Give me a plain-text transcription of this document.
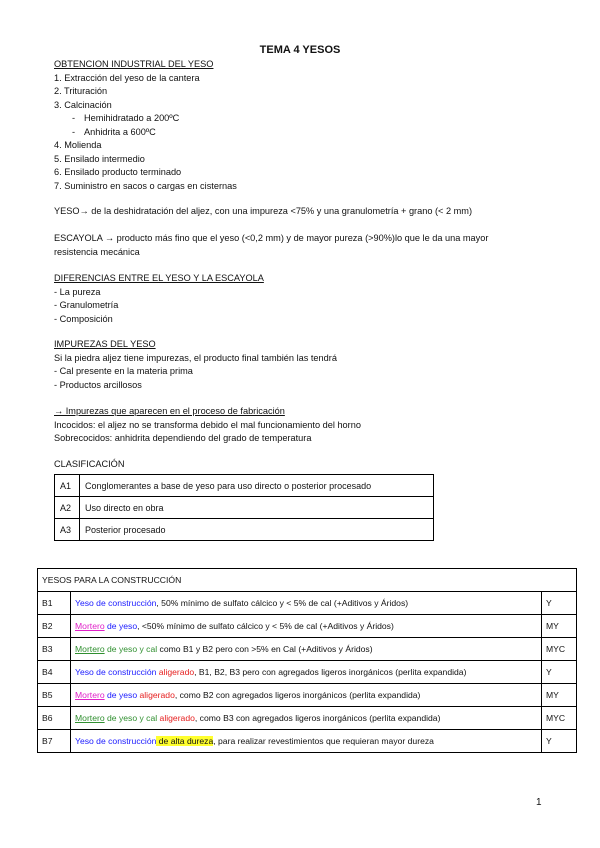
TEMA 4 YESOS
OBTENCION INDUSTRIAL DEL YESO
1. Extracción del yeso de la cantera
2. Trituración
3. Calcinación
- Hemihidratado a 200ºC
- Anhidrita a 600ºC
4. Molienda
5. Ensilado intermedio
6. Ensilado producto terminado
7. Suministro en sacos o cargas en cisternas
YESO→ de la deshidratación del aljez, con una impureza <75% y una granulometría + grano (< 2 mm)
ESCAYOLA → producto más fino que el yeso (<0,2 mm) y de mayor pureza (>90%)lo que le da una mayor
resistencia mecánica
DIFERENCIAS ENTRE EL YESO Y LA ESCAYOLA
- La pureza
- Granulometría
- Composición
IMPUREZAS DEL YESO
Si la piedra aljez tiene impurezas, el producto final también las tendrá
- Cal presente en la materia prima
- Productos arcillosos
→ Impurezas que aparecen en el proceso de fabricación
Incocidos: el aljez no se transforma debido el mal funcionamiento del horno
Sobrecocidos: anhidrita dependiendo del grado de temperatura
CLASIFICACIÓN
A1	Conglomerantes a base de yeso para uso directo o posterior procesado
A2	Uso directo en obra
A3	Posterior procesado
YESOS PARA LA CONSTRUCCIÓN		
B1	Yeso de construcción, 50% mínimo de sulfato cálcico y < 5% de cal (+Aditivos y Áridos)	Y
B2	Mortero de yeso, <50% mínimo de sulfato cálcico y < 5% de cal (+Aditivos y Áridos)	MY
B3	Mortero de yeso y cal como B1 y B2 pero con >5% en Cal (+Aditivos y Áridos)	MYC
B4	Yeso de construcción aligerado, B1, B2, B3 pero con agregados ligeros inorgánicos (perlita expandida)	Y
B5	Mortero de yeso aligerado, como B2 con agregados ligeros inorgánicos (perlita expandida)	MY
B6	Mortero de yeso y cal aligerado, como B3 con agregados ligeros inorgánicos (perlita expandida)	MYC
B7	Yeso de construcción de alta dureza, para realizar revestimientos que requieran mayor dureza	Y
1
